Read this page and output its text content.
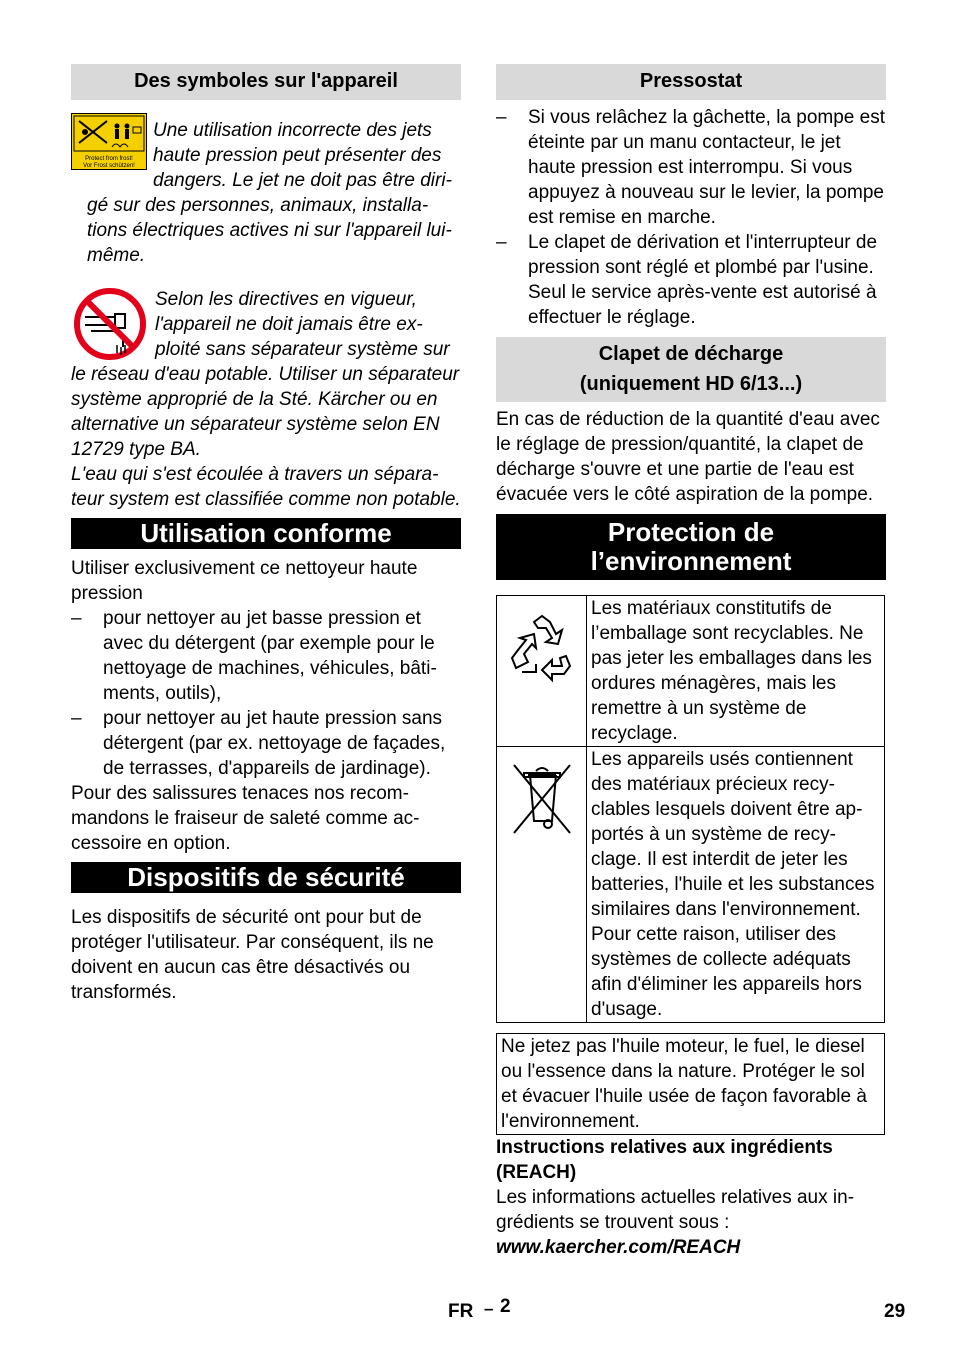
Des symboles sur l'appareil
Protect from frost!
Vor Frost schützen!

Une utilisation incorrecte des jets haute pression peut présenter des dangers. Le jet ne doit pas être dirigé sur des personnes, animaux, installations électriques actives ni sur l'appareil lui-même.

Selon les directives en vigueur, l'appareil ne doit jamais être exploité sans séparateur système sur le réseau d'eau potable. Utiliser un séparateur système approprié de la Sté. Kärcher ou en alternative un séparateur système selon EN 12729 type BA.

L'eau qui s'est écoulée à travers un séparateur system est classifiée comme non potable.

Utilisation conforme

Utiliser exclusivement ce nettoyeur haute pression

– pour nettoyer au jet basse pression et avec du détergent (par exemple pour le nettoyage de machines, véhicules, bâtiments, outils),
– pour nettoyer au jet haute pression sans détergent (par ex. nettoyage de façades, de terrasses, d'appareils de jardinage).

Pour des salissures tenaces nos recommandons le fraiseur de saleté comme accessoire en option.

Dispositifs de sécurité

Les dispositifs de sécurité ont pour but de protéger l'utilisateur. Par conséquent, ils ne doivent en aucun cas être désactivés ou transformés.

Pressostat
– Si vous relâchez la gâchette, la pompe est éteinte par un manu contacteur, le jet haute pression est interrompu. Si vous appuyez à nouveau sur le levier, la pompe est remise en marche.
– Le clapet de dérivation et l'interrupteur de pression sont réglé et plombé par l'usine. Seul le service après-vente est autorisé à effectuer le réglage.
Clapet de décharge
(uniquement HD 6/13...)

En cas de réduction de la quantité d'eau avec le réglage de pression/quantité, la clapet de décharge s'ouvre et une partie de l'eau est évacuée vers le côté aspiration de la pompe.

Protection de
l’environnement
	Les matériaux constitutifs de l’emballage sont recyclables. Ne pas jeter les emballages dans les ordures ménagères, mais les remettre à un système de recyclage.
	Les appareils usés contiennent des matériaux précieux recyclables lesquels doivent être apportés à un système de recyclage. Il est interdit de jeter les batteries, l'huile et les substances similaires dans l'environnement. Pour cette raison, utiliser des systèmes de collecte adéquats afin d'éliminer les appareils hors d'usage.

Ne jetez pas l'huile moteur, le fuel, le diesel ou l'essence dans la nature. Protéger le sol et évacuer l'huile usée de façon favorable à l'environnement.

Instructions relatives aux ingrédients (REACH)

Les informations actuelles relatives aux ingrédients se trouvent sous :

www.kaercher.com/REACH

FR – 2	29
